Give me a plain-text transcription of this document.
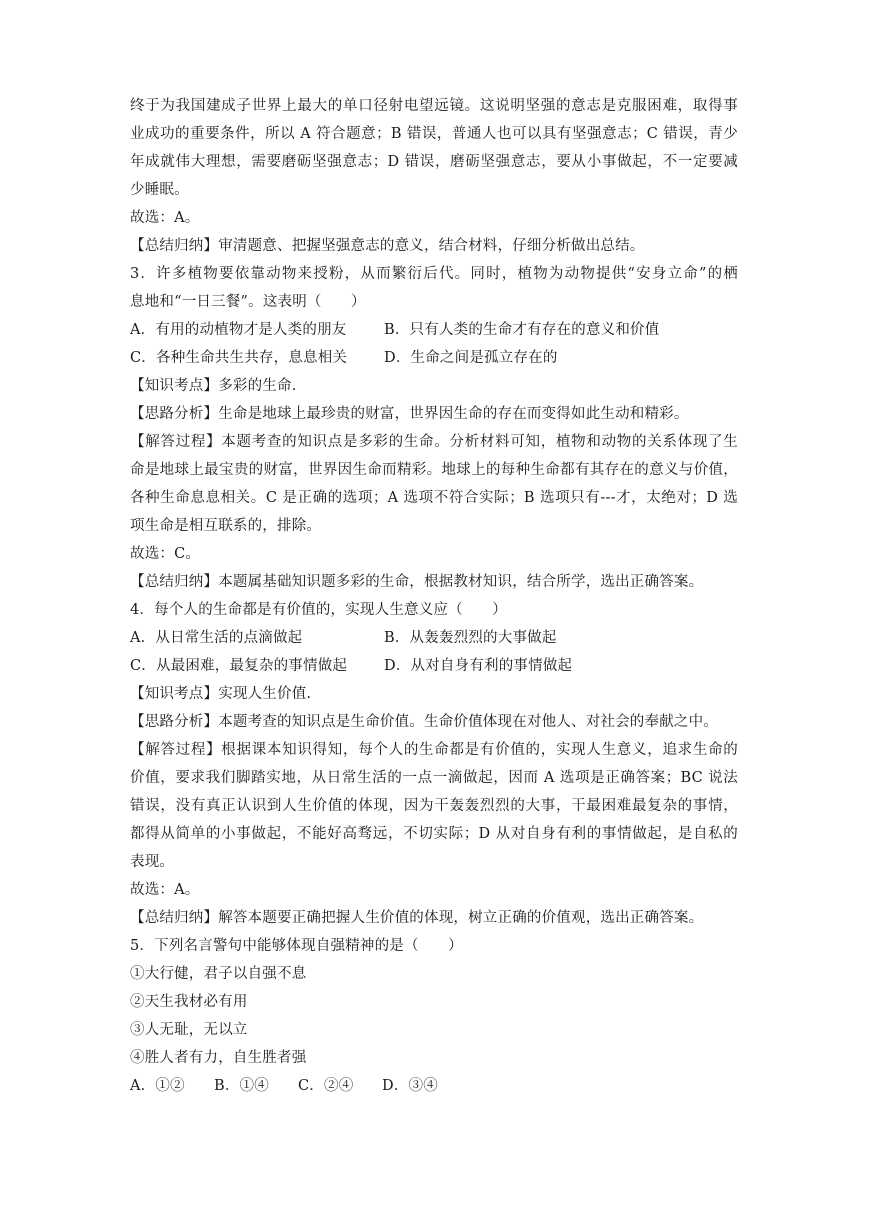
终于为我国建成子世界上最大的单口径射电望远镜。这说明坚强的意志是克服困难，取得事
业成功的重要条件，所以 A 符合题意；B 错误，普通人也可以具有坚强意志；C 错误，青少
年成就伟大理想，需要磨砺坚强意志；D 错误，磨砺坚强意志，要从小事做起，不一定要减
少睡眠。
故选：A。
【总结归纳】审清题意、把握坚强意志的意义，结合材料，仔细分析做出总结。
3．许多植物要依靠动物来授粉，从而繁衍后代。同时，植物为动物提供“安身立命”的栖
息地和“一日三餐”。这表明（　　）
A．有用的动植物才是人类的朋友	B．只有人类的生命才有存在的意义和价值
C．各种生命共生共存，息息相关	D．生命之间是孤立存在的
【知识考点】多彩的生命.
【思路分析】生命是地球上最珍贵的财富，世界因生命的存在而变得如此生动和精彩。
【解答过程】本题考查的知识点是多彩的生命。分析材料可知，植物和动物的关系体现了生
命是地球上最宝贵的财富，世界因生命而精彩。地球上的每种生命都有其存在的意义与价值，
各种生命息息相关。C 是正确的选项；A 选项不符合实际；B 选项只有---才，太绝对；D 选
项生命是相互联系的，排除。
故选：C。
【总结归纳】本题属基础知识题多彩的生命，根据教材知识，结合所学，选出正确答案。
4．每个人的生命都是有价值的，实现人生意义应（　　）
A．从日常生活的点滴做起	B．从轰轰烈烈的大事做起
C．从最困难，最复杂的事情做起	D．从对自身有利的事情做起
【知识考点】实现人生价值.
【思路分析】本题考查的知识点是生命价值。生命价值体现在对他人、对社会的奉献之中。
【解答过程】根据课本知识得知，每个人的生命都是有价值的，实现人生意义，追求生命的
价值，要求我们脚踏实地，从日常生活的一点一滴做起，因而 A 选项是正确答案；BC 说法
错误，没有真正认识到人生价值的体现，因为干轰轰烈烈的大事，干最困难最复杂的事情，
都得从简单的小事做起，不能好高骛远，不切实际；D 从对自身有利的事情做起，是自私的
表现。
故选：A。
【总结归纳】解答本题要正确把握人生价值的体现，树立正确的价值观，选出正确答案。
5．下列名言警句中能够体现自强精神的是（　　）
①大行健，君子以自强不息
②天生我材必有用
③人无耻，无以立
④胜人者有力，自生胜者强
A．①②	B．①④	C．②④	D．③④
